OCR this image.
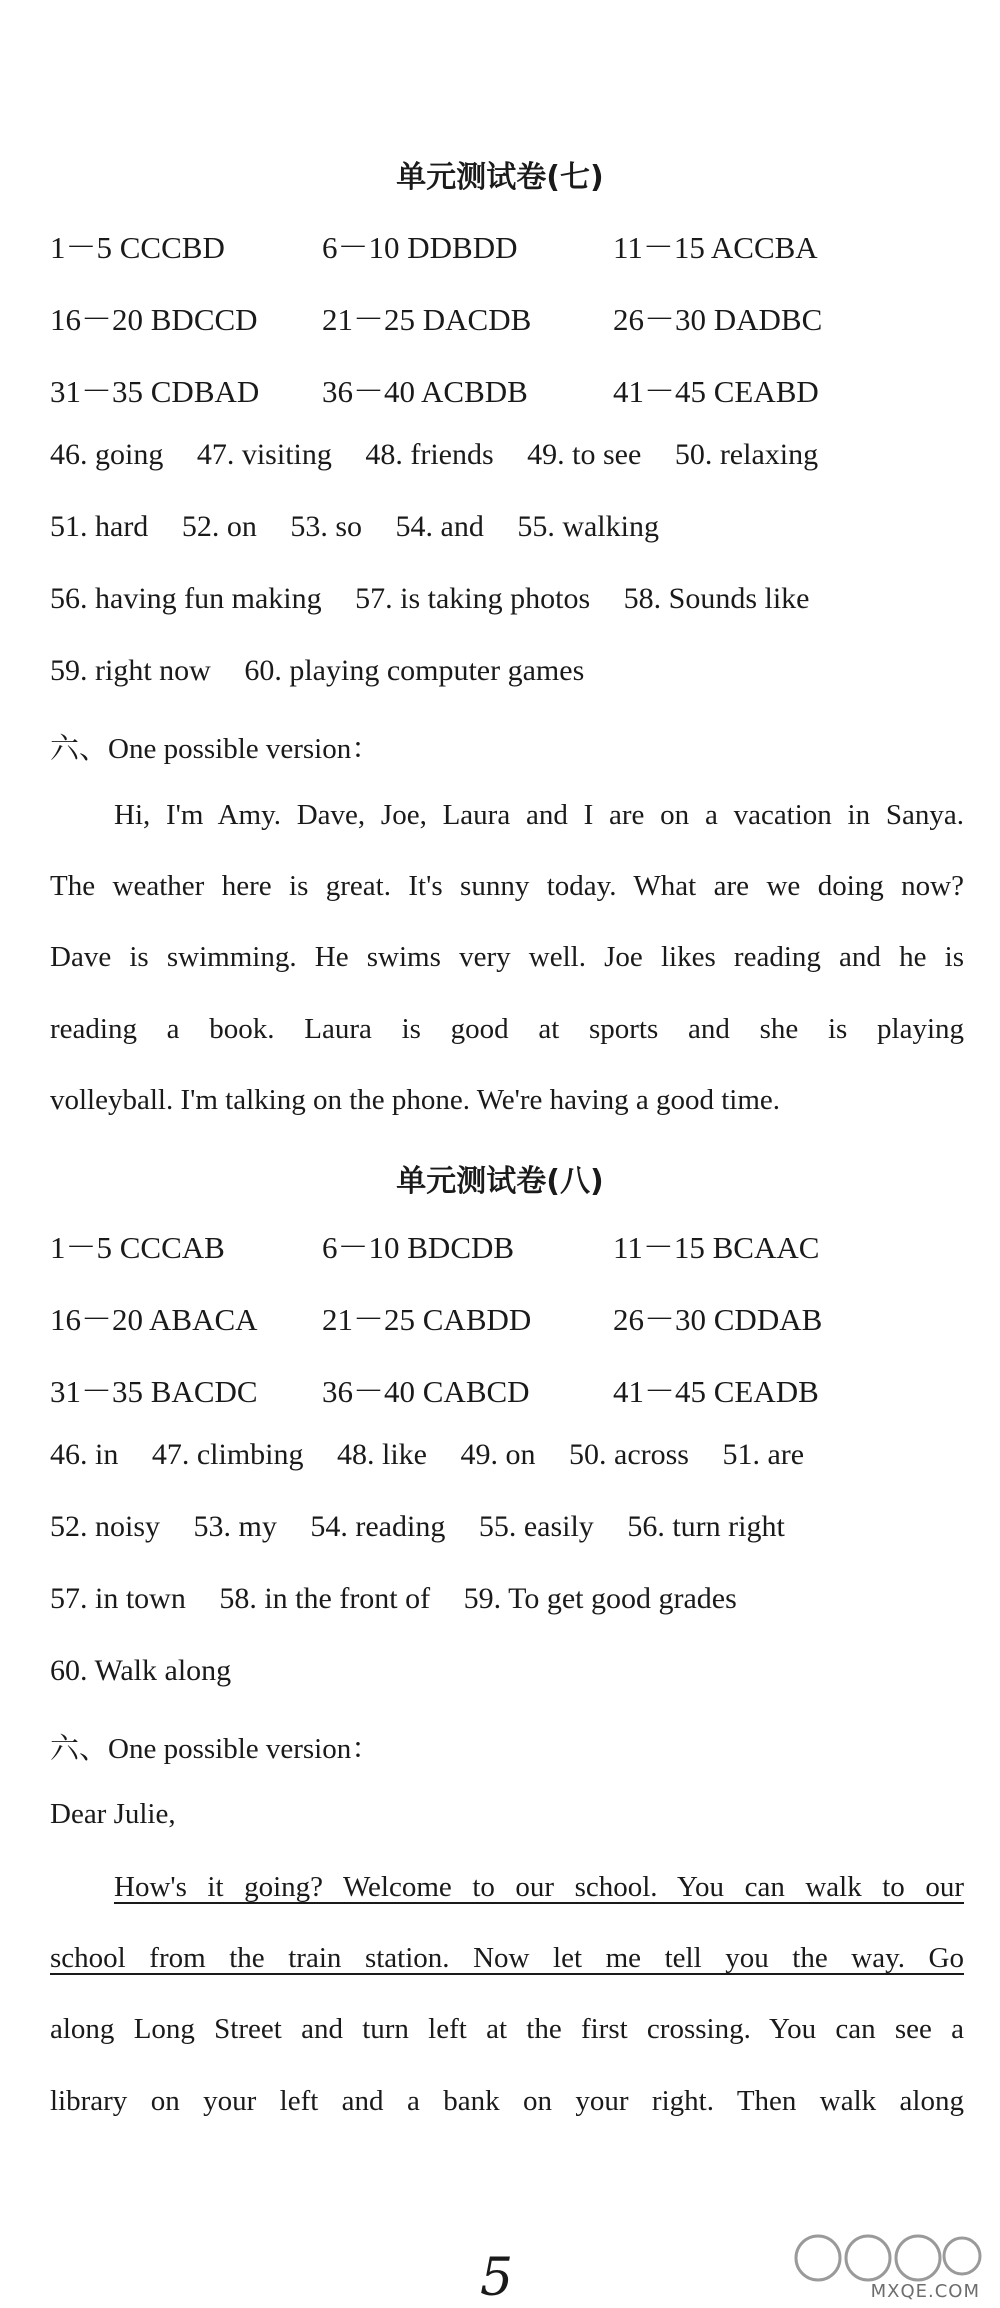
单元测试卷(七)
1－5 CCCBD	6－10 DDBDD	11－15 ACCBA
16－20 BDCCD 21－25 DACDB	26－30 DADBC
31－35 CDBAD 36－40 ACBDB	41－45 CEABD
46. going 47. visiting 48. friends 49. to see 50. relaxing
51. hard 52. on 53. so 54. and 55. walking
56. having fun making 57. is taking photos 58. Sounds like
59. right now 60. playing computer games
六、One possible version：
Hi, I'm Amy. Dave, Joe, Laura and I are on a vacation in Sanya.
The weather here is great. It's sunny today. What are we doing now?
Dave is swimming. He swims very well. Joe likes reading and he is
reading a book. Laura is good at sports and she is playing
volleyball. I'm talking on the phone. We're having a good time.
单元测试卷(八)
1－5 CCCAB	6－10 BDCDB	11－15 BCAAC
16－20 ABACA 21－25 CABDD	26－30 CDDAB
31－35 BACDC 36－40 CABCD	41－45 CEADB
46. in 47. climbing 48. like 49. on 50. across 51. are
52. noisy 53. my 54. reading 55. easily 56. turn right
57. in town 58. in the front of 59. To get good grades
60. Walk along
六、One possible version：
Dear Julie,
How's it going? Welcome to our school. You can walk to our
school from the train station. Now let me tell you the way. Go
along Long Street and turn left at the first crossing. You can see a
library on your left and a bank on your right. Then walk along
5	MXQE.COM
